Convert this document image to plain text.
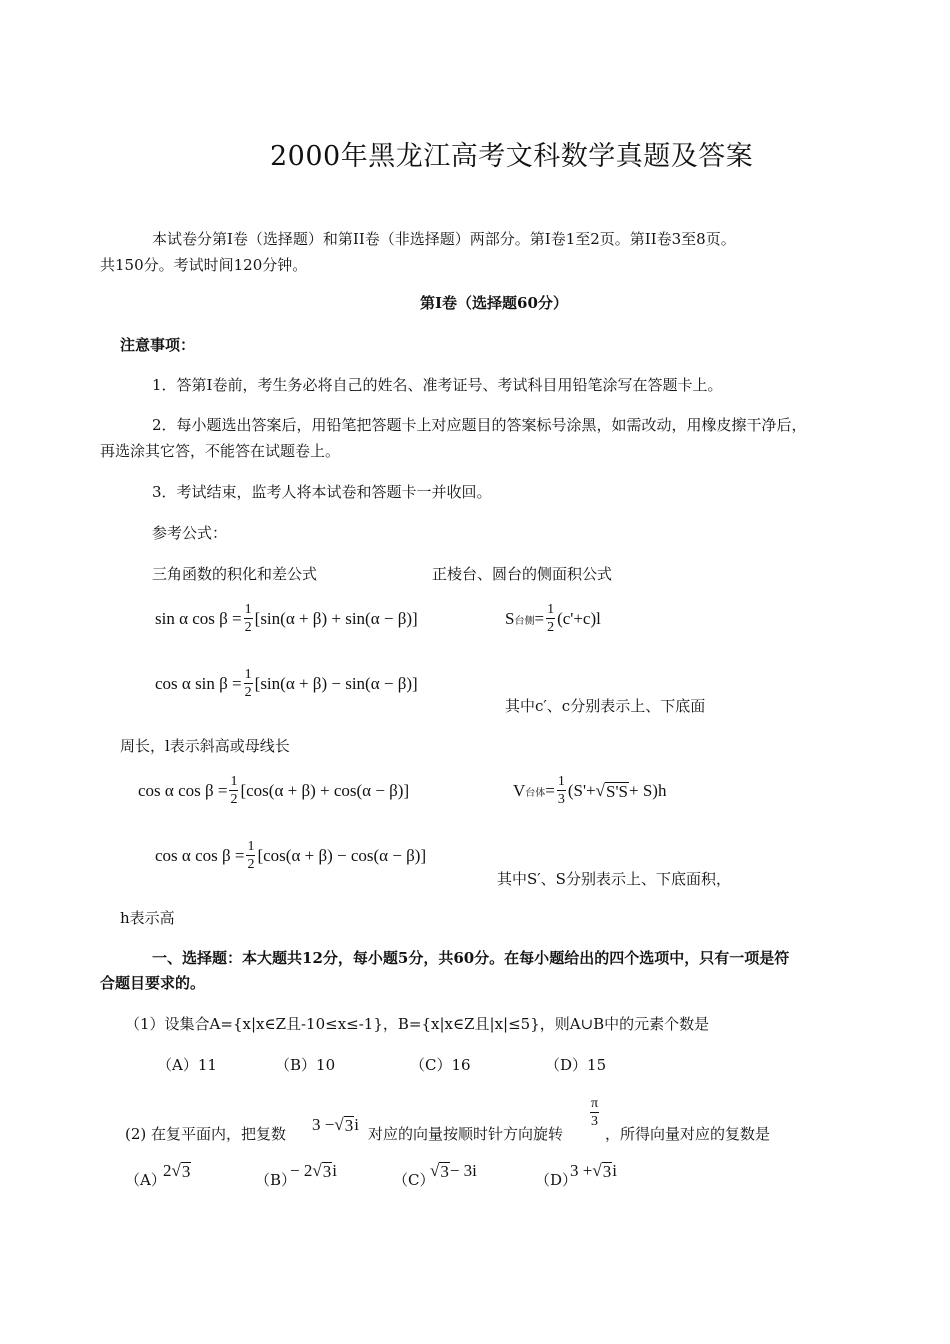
2000年黑龙江高考文科数学真题及答案
本试卷分第Ⅰ卷（选择题）和第II卷（非选择题）两部分。第Ⅰ卷1至2页。第II卷3至8页。
共150分。考试时间120分钟。
第Ⅰ卷（选择题60分）
注意事项：
1．答第Ⅰ卷前，考生务必将自己的姓名、准考证号、考试科目用铅笔涂写在答题卡上。
2．每小题选出答案后，用铅笔把答题卡上对应题目的答案标号涂黑，如需改动，用橡皮擦干净后，
再选涂其它答，不能答在试题卷上。
3．考试结束，监考人将本试卷和答题卡一并收回。
参考公式：
三角函数的积化和差公式	正棱台、圆台的侧面积公式
sin α $\cos \beta = \frac{1}{2} [\sin(\alpha + \beta) + \sin(\alpha - \beta)]$	S 台侧 = $\frac{1}{2} (c'+c)l$
cos α $\sin \beta = \frac{1}{2} [\sin(\alpha + \beta) - \sin(\alpha - \beta)]$
其中c′、c分别表示上、下底面
周长，l表示斜高或母线长
cos α $\cos \beta = \frac{1}{2} [\cos(\alpha + \beta) + \cos(\alpha - \beta)]$	V 台体 = $\frac{1}{3} (S'+$ √ S'S + S)h
cos α $\cos \beta = \frac{1}{2} [\cos(\alpha + \beta) - \cos(\alpha - \beta)]$
其中S′、S分别表示上、下底面积，
h表示高
一、选择题：本大题共12分，每小题5分，共60分。在每小题给出的四个选项中，只有一项是符
合题目要求的。
（1）设集合A={x|x∈Z且-10≤x≤-1}，B={x|x∈Z且|x|≤5}，则A∪B中的元素个数是
（A）11	（B）10	（C）16	（D）15
(2) 在复平面内，把复数 3 − √ 3 i 对应的向量按顺时针方向旋转
$\frac{\pi}{3}$
，所得向量对应的复数是
（A）
2 √ 3	（B）
− 2 √ 3 i	（C）
√ 3 − 3i	（D）
3 + √ 3 i
